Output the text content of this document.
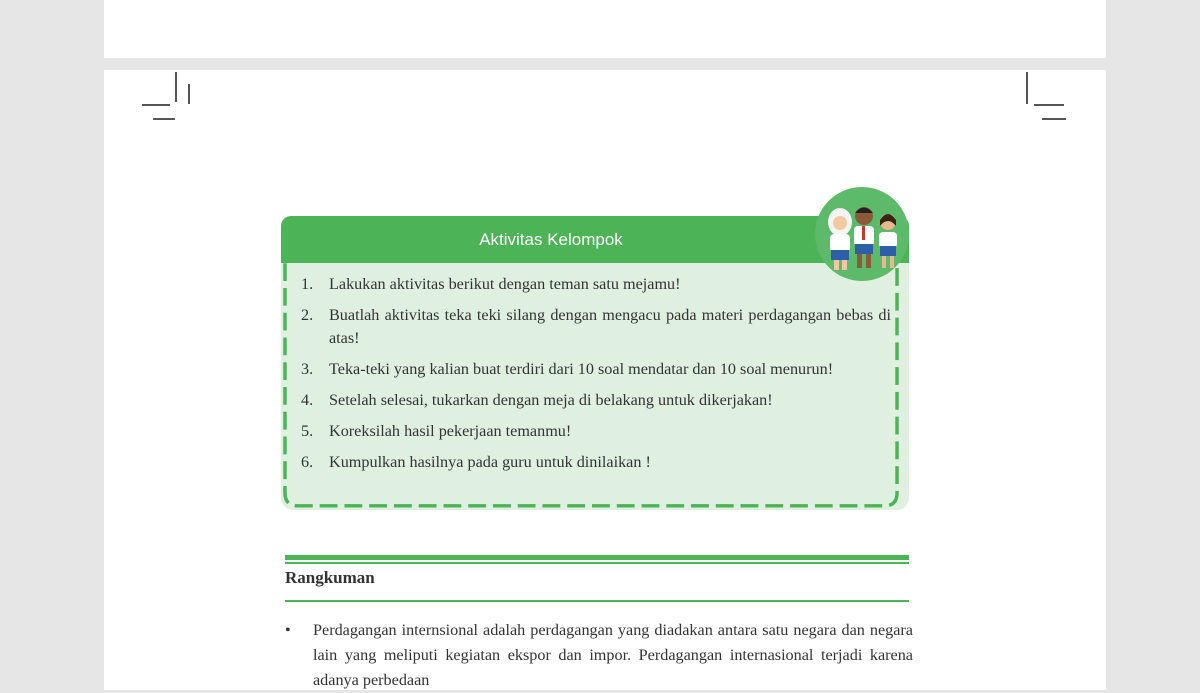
Aktivitas Kelompok
1. Lakukan aktivitas berikut dengan teman satu mejamu!
2. Buatlah aktivitas teka teki silang dengan mengacu pada materi perdagangan bebas di atas!
3. Teka-teki yang kalian buat terdiri dari 10 soal mendatar dan 10 soal menurun!
4. Setelah selesai, tukarkan dengan meja di belakang untuk dikerjakan!
5. Koreksilah hasil pekerjaan temanmu!
6. Kumpulkan hasilnya pada guru untuk dinilaikan !
Rangkuman
• Perdagangan internsional adalah perdagangan yang diadakan antara satu negara dan negara lain yang meliputi kegiatan ekspor dan impor. Perdagangan internasional terjadi karena adanya perbedaan
